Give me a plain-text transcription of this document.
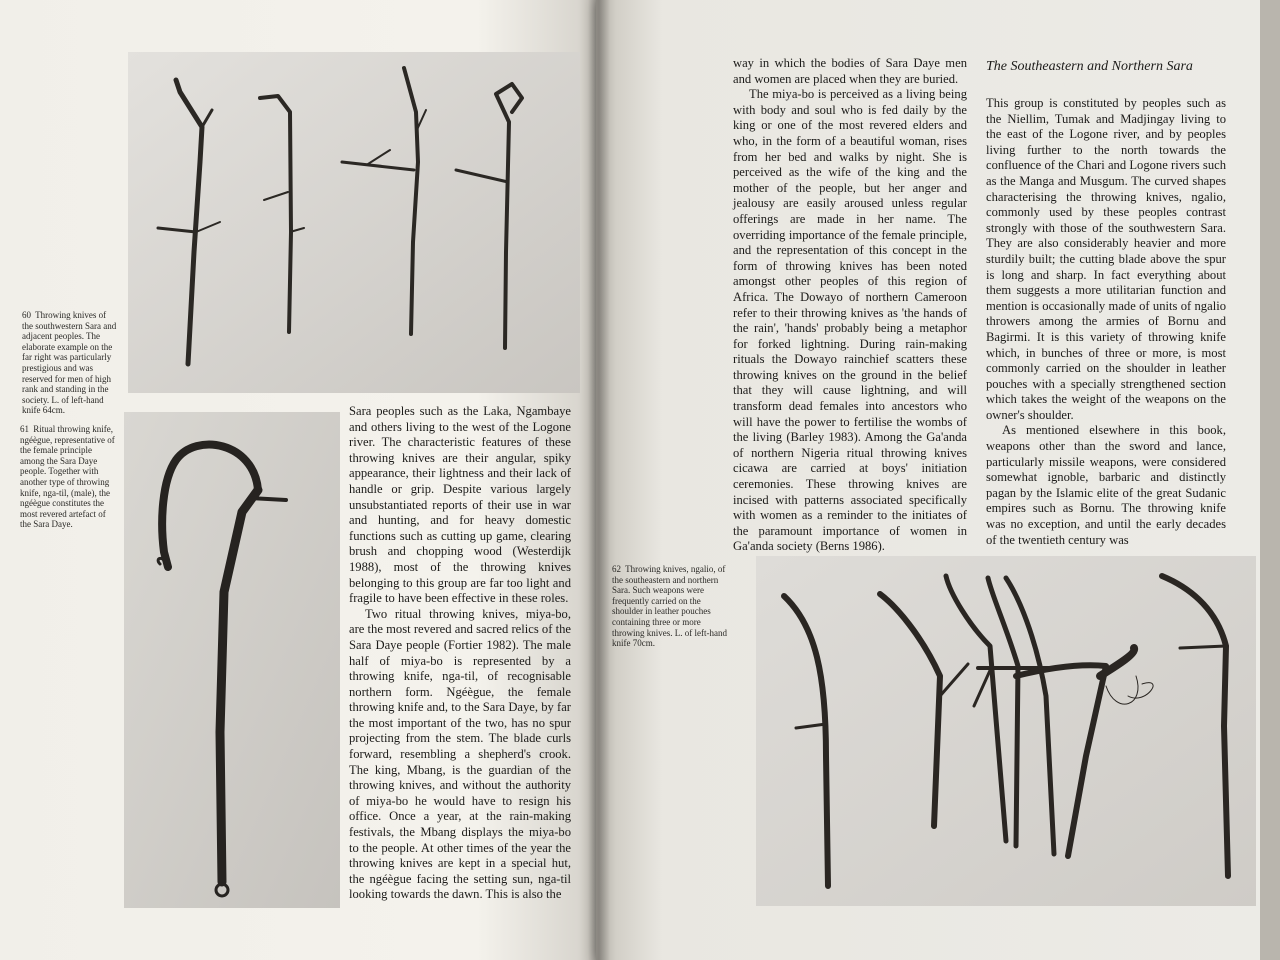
60 Throwing knives of the southwestern Sara and adjacent peoples. The elaborate example on the far right was particularly prestigious and was reserved for men of high rank and standing in the society. L. of left-hand knife 64cm.
61 Ritual throwing knife, ngéègue, representative of the female principle among the Sara Daye people. Together with another type of throwing knife, nga-til, (male), the ngéègue constitutes the most revered artefact of the Sara Daye.

Sara peoples such as the Laka, Ngambaye and others living to the west of the Logone river. The characteristic features of these throwing knives are their angular, spiky appearance, their lightness and their lack of handle or grip. Despite various largely unsubstantiated reports of their use in war and hunting, and for heavy domestic functions such as cutting up game, clearing brush and chopping wood (Westerdijk 1988), most of the throwing knives belonging to this group are far too light and fragile to have been effective in these roles.

Two ritual throwing knives, miya-bo, are the most revered and sacred relics of the Sara Daye people (Fortier 1982). The male half of miya-bo is represented by a throwing knife, nga-til, of recognisable northern form. Ngéègue, the female throwing knife and, to the Sara Daye, by far the most important of the two, has no spur projecting from the stem. The blade curls forward, resembling a shepherd's crook. The king, Mbang, is the guardian of the throwing knives, and without the authority of miya-bo he would have to resign his office. Once a year, at the rain-making festivals, the Mbang displays the miya-bo to the people. At other times of the year the throwing knives are kept in a special hut, the ngéègue facing the setting sun, nga-til looking towards the dawn. This is also the

way in which the bodies of Sara Daye men and women are placed when they are buried.

The miya-bo is perceived as a living being with body and soul who is fed daily by the king or one of the most revered elders and who, in the form of a beautiful woman, rises from her bed and walks by night. She is perceived as the wife of the king and the mother of the people, but her anger and jealousy are easily aroused unless regular offerings are made in her name. The overriding importance of the female principle, and the representation of this concept in the form of throwing knives has been noted amongst other peoples of this region of Africa. The Dowayo of northern Cameroon refer to their throwing knives as 'the hands of the rain', 'hands' probably being a metaphor for forked lightning. During rain-making rituals the Dowayo rainchief scatters these throwing knives on the ground in the belief that they will cause lightning, and will transform dead females into ancestors who will have the power to fertilise the wombs of the living (Barley 1983). Among the Ga'anda of northern Nigeria ritual throwing knives cicawa are carried at boys' initiation ceremonies. These throwing knives are incised with patterns associated specifically with women as a reminder to the initiates of the paramount importance of women in Ga'anda society (Berns 1986).

The Southeastern and Northern Sara

This group is constituted by peoples such as the Niellim, Tumak and Madjingay living to the east of the Logone river, and by peoples living further to the north towards the confluence of the Chari and Logone rivers such as the Manga and Musgum. The curved shapes characterising the throwing knives, ngalio, commonly used by these peoples contrast strongly with those of the southwestern Sara. They are also considerably heavier and more sturdily built; the cutting blade above the spur is long and sharp. In fact everything about them suggests a more utilitarian function and mention is occasionally made of units of ngalio throwers among the armies of Bornu and Bagirmi. It is this variety of throwing knife which, in bunches of three or more, is most commonly carried on the shoulder in leather pouches with a specially strengthened section which takes the weight of the weapons on the owner's shoulder.

As mentioned elsewhere in this book, weapons other than the sword and lance, particularly missile weapons, were considered somewhat ignoble, barbaric and distinctly pagan by the Islamic elite of the great Sudanic empires such as Bornu. The throwing knife was no exception, and until the early decades of the twentieth century was

62 Throwing knives, ngalio, of the southeastern and northern Sara. Such weapons were frequently carried on the shoulder in leather pouches containing three or more throwing knives. L. of left-hand knife 70cm.
